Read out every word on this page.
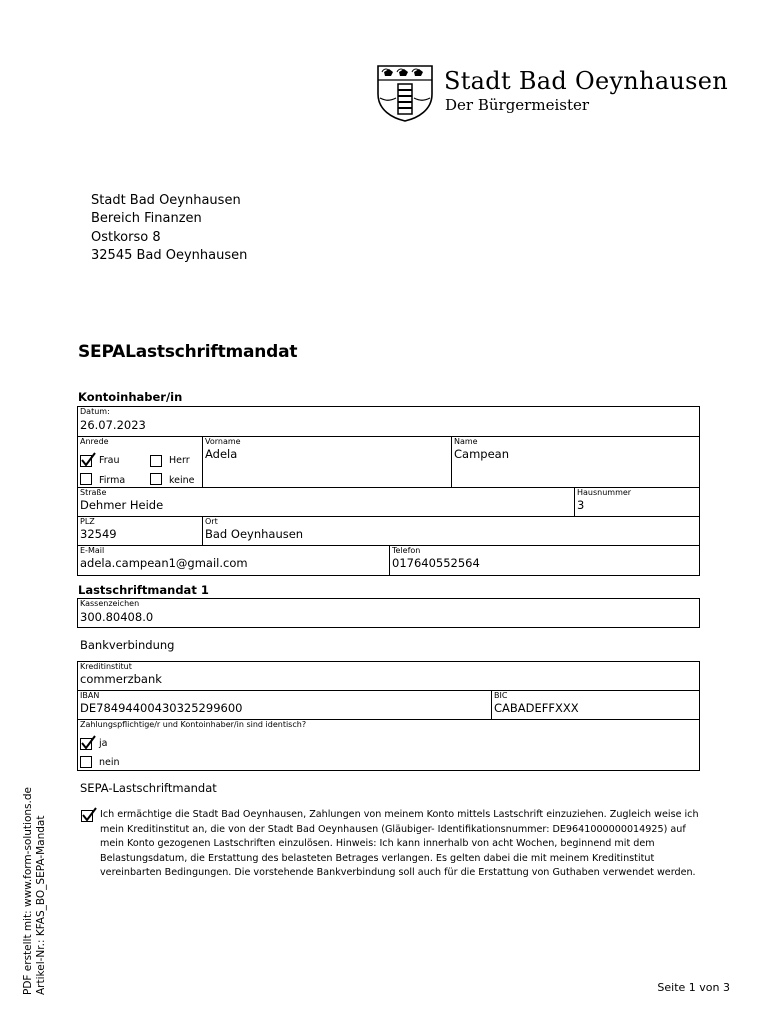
Stadt Bad Oeynhausen
Der Bürgermeister
Stadt Bad Oeynhausen
Bereich Finanzen
Ostkorso 8
32545 Bad Oeynhausen
SEPALastschriftmandat
Kontoinhaber/in
Datum:
26.07.2023
Anrede
Frau	Herr
Firma	keine
Vorname
Adela
Name
Campean
Straße
Dehmer Heide
Hausnummer
3
PLZ
32549
Ort
Bad Oeynhausen
E-Mail
adela.campean1@gmail.com
Telefon
017640552564
Lastschriftmandat 1
Kassenzeichen
300.80408.0
Bankverbindung
Kreditinstitut
commerzbank
IBAN
DE78494400430325299600
BIC
CABADEFFXXX
Zahlungspflichtige/r und Kontoinhaber/in sind identisch?
ja
nein
SEPA-Lastschriftmandat
Ich ermächtige die Stadt Bad Oeynhausen, Zahlungen von meinem Konto mittels Lastschrift einzuziehen. Zugleich weise ich mein Kreditinstitut an, die von der Stadt Bad Oeynhausen (Gläubiger- Identifikationsnummer: DE9641000000014925) auf mein Konto gezogenen Lastschriften einzulösen. Hinweis: Ich kann innerhalb von acht Wochen, beginnend mit dem Belastungsdatum, die Erstattung des belasteten Betrages verlangen. Es gelten dabei die mit meinem Kreditinstitut vereinbarten Bedingungen. Die vorstehende Bankverbindung soll auch für die Erstattung von Guthaben verwendet werden.
PDF erstellt mit: www.form-solutions.de Artikel-Nr.: KFAS_BO_SEPA-Mandat	Seite 1 von 3
